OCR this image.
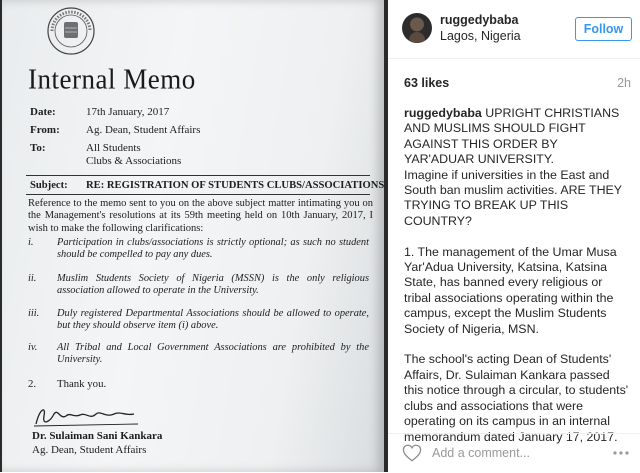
Internal Memo
Date:	17th January, 2017
From:	Ag. Dean, Student Affairs
To:	All Students
Clubs & Associations
Subject: RE: REGISTRATION OF STUDENTS CLUBS/ASSOCIATIONS
Reference to the memo sent to you on the above subject matter intimating you on the Management's resolutions at its 59th meeting held on 10th January, 2017, I wish to make the following clarifications:
i. Participation in clubs/associations is strictly optional; as such no student should be compelled to pay any dues.
ii. Muslim Students Society of Nigeria (MSSN) is the only religious association allowed to operate in the University.
iii. Duly registered Departmental Associations should be allowed to operate, but they should observe item (i) above.
iv. All Tribal and Local Government Associations are prohibited by the University.
2. Thank you.
Dr. Sulaiman Sani Kankara
Ag. Dean, Student Affairs
ruggedybaba
Lagos, Nigeria	Follow
63 likes	2h

ruggedybaba UPRIGHT CHRISTIANS AND MUSLIMS SHOULD FIGHT AGAINST THIS ORDER BY YAR'ADUAR UNIVERSITY.
Imagine if universities in the East and South ban muslim activities. ARE THEY TRYING TO BREAK UP THIS COUNTRY?

1. The management of the Umar Musa Yar'Adua University, Katsina, Katsina State, has banned every religious or tribal associations operating within the campus, except the Muslim Students Society of Nigeria, MSN.

The school's acting Dean of Students' Affairs, Dr. Sulaiman Kankara passed this notice through a circular, to students' clubs and associations that were operating on its campus in an internal memorandum dated January 17, 2017.

Add a comment...
